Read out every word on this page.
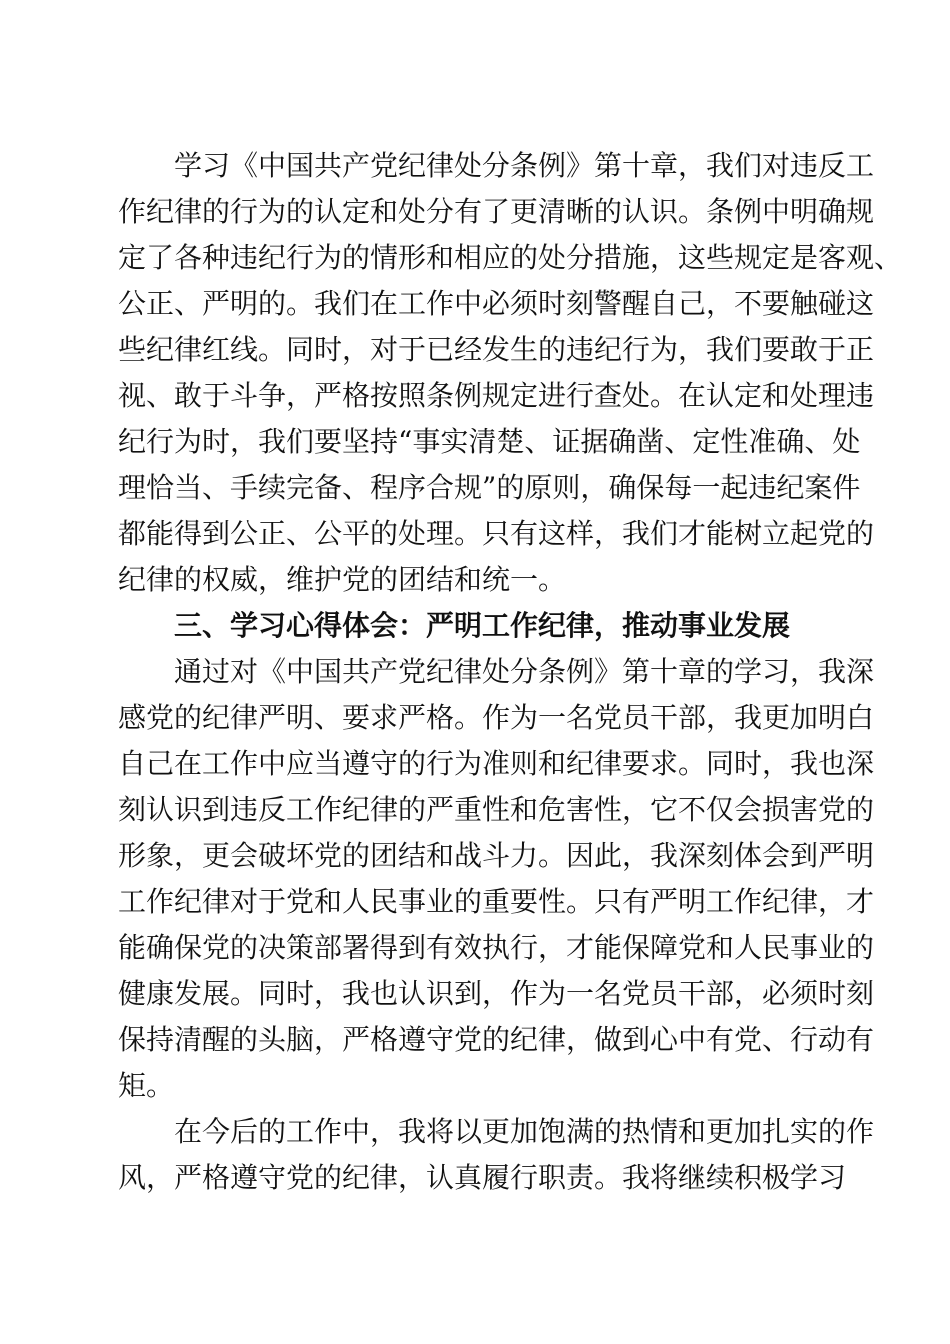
学习《中国共产党纪律处分条例》第十章，我们对违反工

作纪律的行为的认定和处分有了更清晰的认识。条例中明确规

定了各种违纪行为的情形和相应的处分措施，这些规定是客观、

公正、严明的。我们在工作中必须时刻警醒自己，不要触碰这

些纪律红线。同时，对于已经发生的违纪行为，我们要敢于正

视、敢于斗争，严格按照条例规定进行查处。在认定和处理违

纪行为时，我们要坚持“事实清楚、证据确凿、定性准确、处

理恰当、手续完备、程序合规”的原则，确保每一起违纪案件

都能得到公正、公平的处理。只有这样，我们才能树立起党的

纪律的权威，维护党的团结和统一。

三、学习心得体会：严明工作纪律，推动事业发展

通过对《中国共产党纪律处分条例》第十章的学习，我深

感党的纪律严明、要求严格。作为一名党员干部，我更加明白

自己在工作中应当遵守的行为准则和纪律要求。同时，我也深

刻认识到违反工作纪律的严重性和危害性，它不仅会损害党的

形象，更会破坏党的团结和战斗力。因此，我深刻体会到严明

工作纪律对于党和人民事业的重要性。只有严明工作纪律，才

能确保党的决策部署得到有效执行，才能保障党和人民事业的

健康发展。同时，我也认识到，作为一名党员干部，必须时刻

保持清醒的头脑，严格遵守党的纪律，做到心中有党、行动有

矩。

在今后的工作中，我将以更加饱满的热情和更加扎实的作

风，严格遵守党的纪律，认真履行职责。我将继续积极学习
